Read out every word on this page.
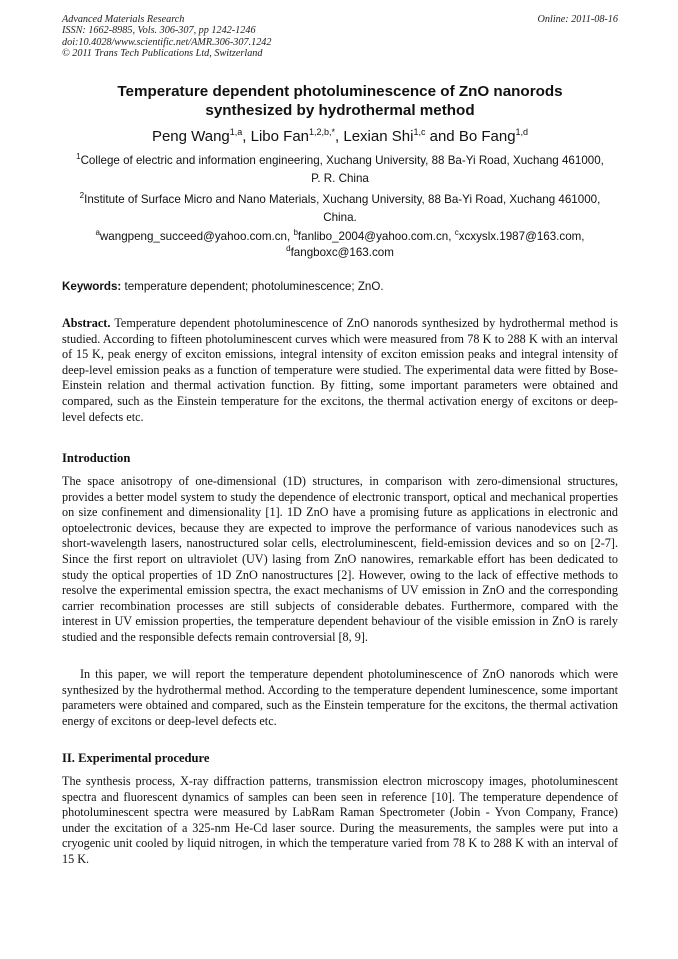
Advanced Materials Research
ISSN: 1662-8985, Vols. 306-307, pp 1242-1246
doi:10.4028/www.scientific.net/AMR.306-307.1242
© 2011 Trans Tech Publications Ltd, Switzerland
Online: 2011-08-16
Temperature dependent photoluminescence of ZnO nanorods
synthesized by hydrothermal method
Peng Wang$^{1,a}$, Libo Fan$^{1,2,b,*}$, Lexian Shi$^{1,c}$ and Bo Fang$^{1,d}$
$^1$College of electric and information engineering, Xuchang University, 88 Ba-Yi Road, Xuchang 461000, P. R. China
$^2$Institute of Surface Micro and Nano Materials, Xuchang University, 88 Ba-Yi Road, Xuchang 461000, China.
$^a$wangpeng_succeed@yahoo.com.cn, $^b$fanlibo_2004@yahoo.com.cn, $^c$xcxyslx.1987@163.com,
$^d$fangboxc@163.com
Keywords: temperature dependent; photoluminescence; ZnO.
Abstract. Temperature dependent photoluminescence of ZnO nanorods synthesized by hydrothermal method is studied. According to fifteen photoluminescent curves which were measured from 78 K to 288 K with an interval of 15 K, peak energy of exciton emissions, integral intensity of exciton emission peaks and integral intensity of deep-level emission peaks as a function of temperature were studied. The experimental data were fitted by Bose-Einstein relation and thermal activation function. By fitting, some important parameters were obtained and compared, such as the Einstein temperature for the excitons, the thermal activation energy of excitons or deep-level defects etc.
Introduction
The space anisotropy of one-dimensional (1D) structures, in comparison with zero-dimensional structures, provides a better model system to study the dependence of electronic transport, optical and mechanical properties on size confinement and dimensionality [1]. 1D ZnO have a promising future as applications in electronic and optoelectronic devices, because they are expected to improve the performance of various nanodevices such as short-wavelength lasers, nanostructured solar cells, electroluminescent, field-emission devices and so on [2-7]. Since the first report on ultraviolet (UV) lasing from ZnO nanowires, remarkable effort has been dedicated to study the optical properties of 1D ZnO nanostructures [2]. However, owing to the lack of effective methods to resolve the experimental emission spectra, the exact mechanisms of UV emission in ZnO and the corresponding carrier recombination processes are still subjects of considerable debates. Furthermore, compared with the interest in UV emission properties, the temperature dependent behaviour of the visible emission in ZnO is rarely studied and the responsible defects remain controversial [8, 9].
In this paper, we will report the temperature dependent photoluminescence of ZnO nanorods which were synthesized by the hydrothermal method. According to the temperature dependent luminescence, some important parameters were obtained and compared, such as the Einstein temperature for the excitons, the thermal activation energy of excitons or deep-level defects etc.
II. Experimental procedure
The synthesis process, X-ray diffraction patterns, transmission electron microscopy images, photoluminescent spectra and fluorescent dynamics of samples can been seen in reference [10]. The temperature dependence of photoluminescent spectra were measured by LabRam Raman Spectrometer (Jobin - Yvon Company, France) under the excitation of a 325-nm He-Cd laser source. During the measurements, the samples were put into a cryogenic unit cooled by liquid nitrogen, in which the temperature varied from 78 K to 288 K with an interval of 15 K.
